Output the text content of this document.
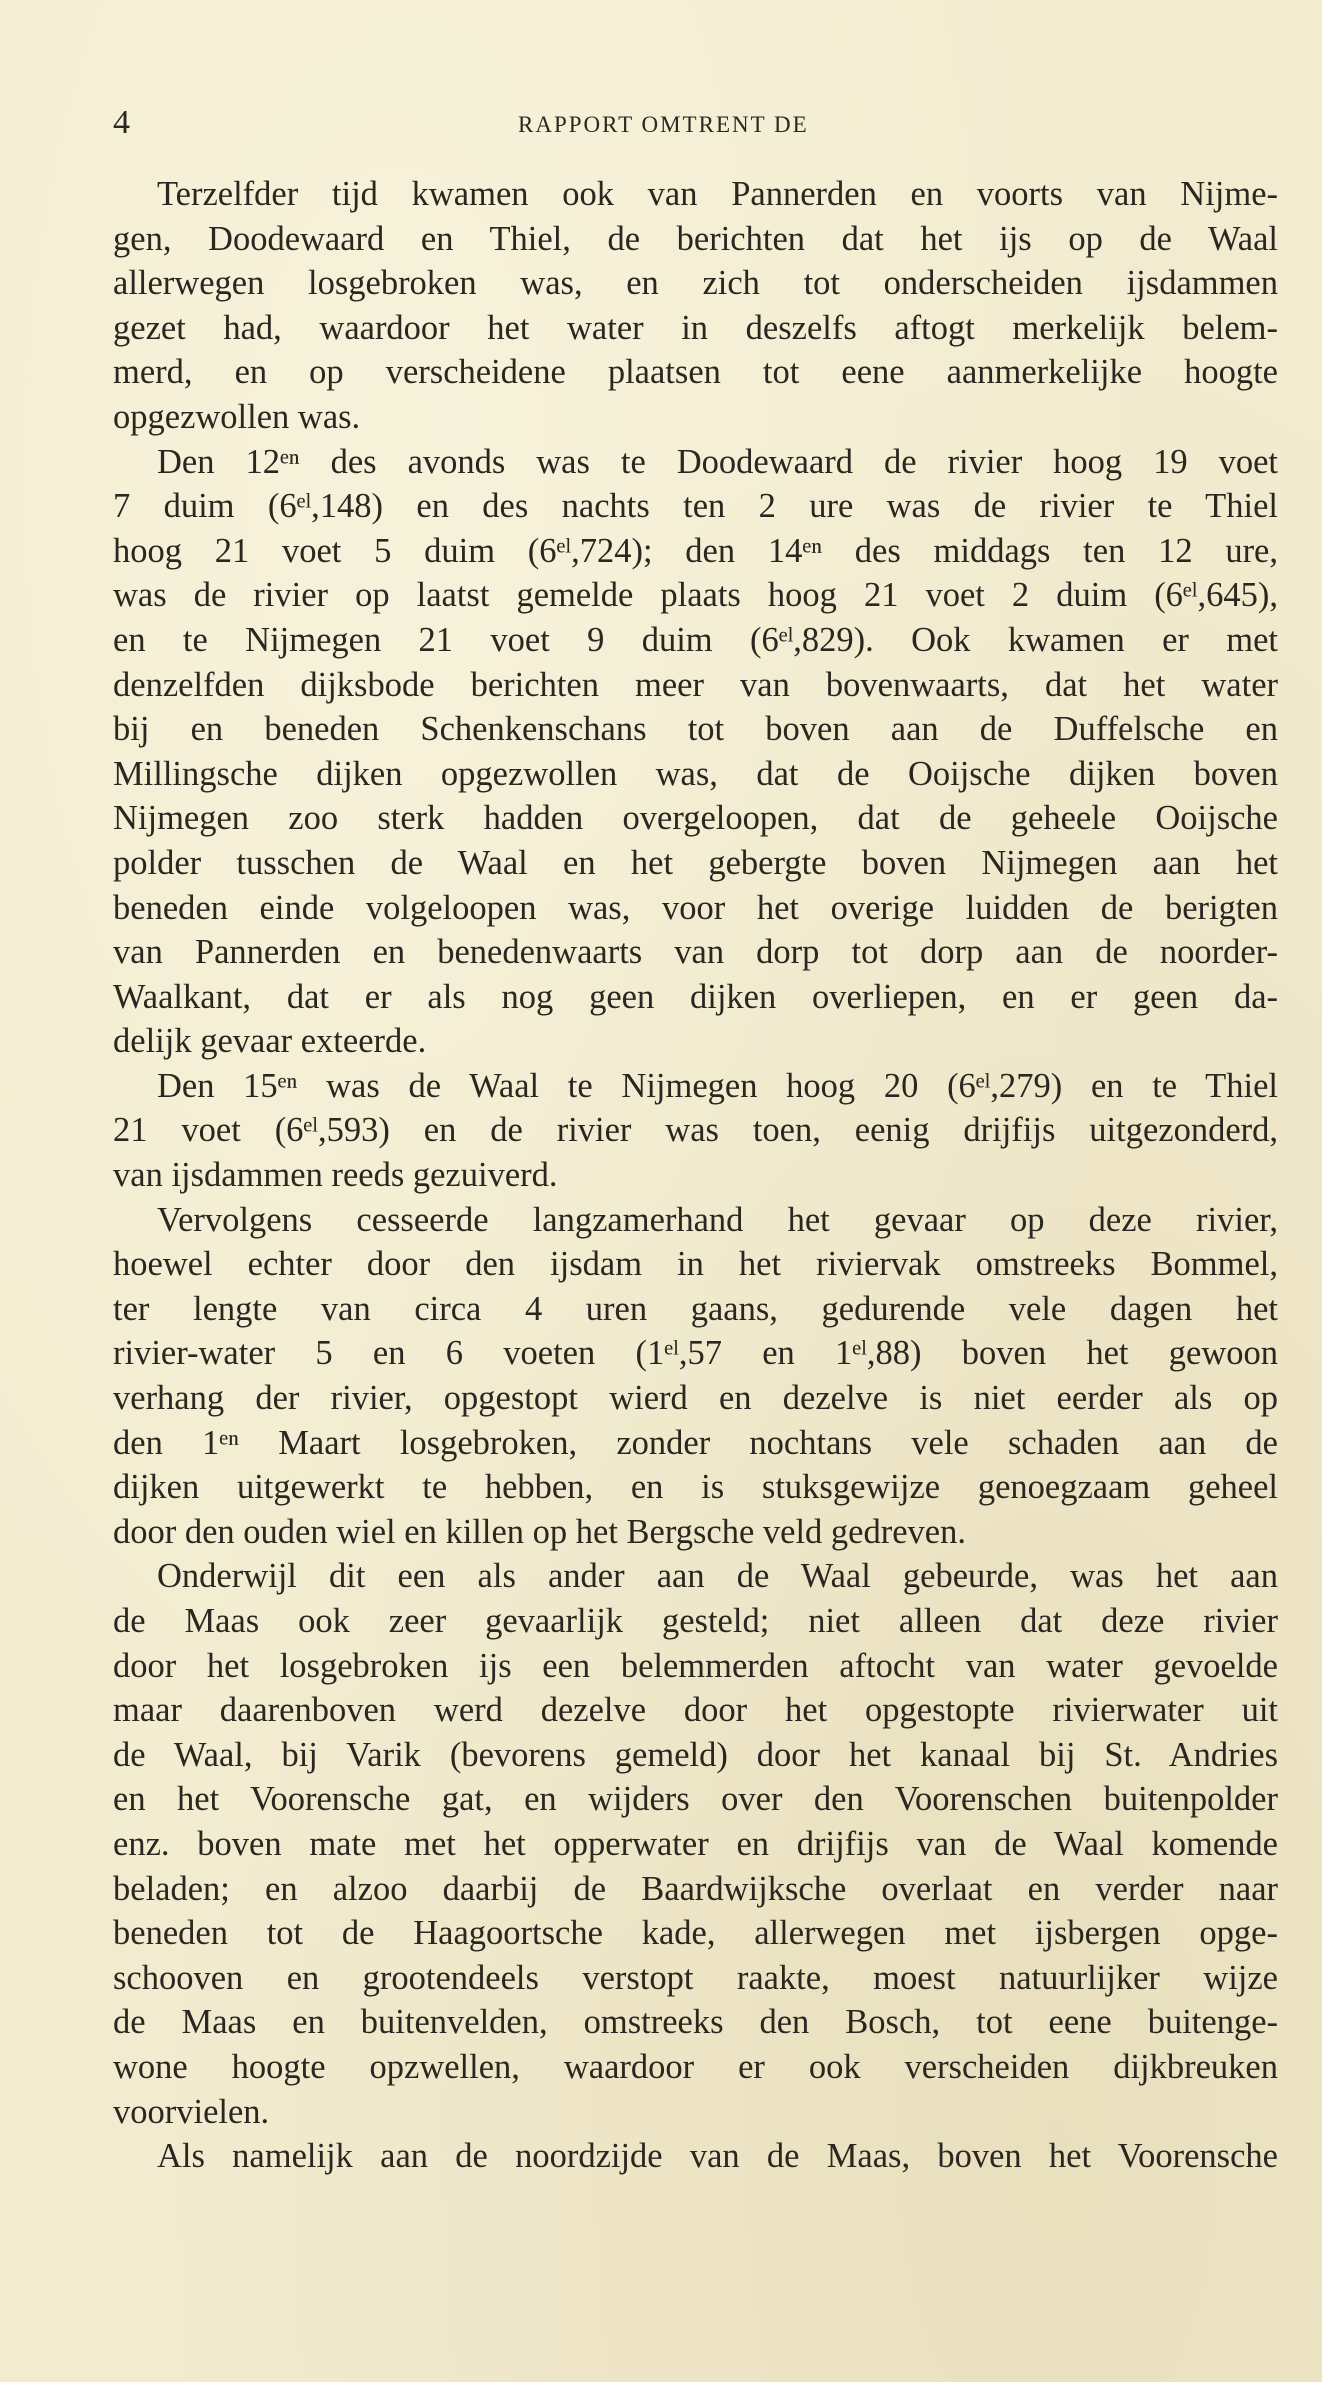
4	RAPPORT OMTRENT DE
Terzelfder tijd kwamen ook van Pannerden en voorts van Nijme-
gen, Doodewaard en Thiel, de berichten dat het ijs op de Waal
allerwegen losgebroken was, en zich tot onderscheiden ijsdammen
gezet had, waardoor het water in deszelfs aftogt merkelijk belem-
merd, en op verscheidene plaatsen tot eene aanmerkelijke hoogte
opgezwollen was.
Den 12ᵉⁿ des avonds was te Doodewaard de rivier hoog 19 voet
7 duim (6ᵉˡ,148) en des nachts ten 2 ure was de rivier te Thiel
hoog 21 voet 5 duim (6ᵉˡ,724); den 14ᵉⁿ des middags ten 12 ure,
was de rivier op laatst gemelde plaats hoog 21 voet 2 duim (6ᵉˡ,645),
en te Nijmegen 21 voet 9 duim (6ᵉˡ,829). Ook kwamen er met
denzelfden dijksbode berichten meer van bovenwaarts, dat het water
bij en beneden Schenkenschans tot boven aan de Duffelsche en
Millingsche dijken opgezwollen was, dat de Ooijsche dijken boven
Nijmegen zoo sterk hadden overgeloopen, dat de geheele Ooijsche
polder tusschen de Waal en het gebergte boven Nijmegen aan het
beneden einde volgeloopen was, voor het overige luidden de berigten
van Pannerden en benedenwaarts van dorp tot dorp aan de noorder-
Waalkant, dat er als nog geen dijken overliepen, en er geen da-
delijk gevaar exteerde.
Den 15ᵉⁿ was de Waal te Nijmegen hoog 20 (6ᵉˡ,279) en te Thiel
21 voet (6ᵉˡ,593) en de rivier was toen, eenig drijfijs uitgezonderd,
van ijsdammen reeds gezuiverd.
Vervolgens cesseerde langzamerhand het gevaar op deze rivier,
hoewel echter door den ijsdam in het riviervak omstreeks Bommel,
ter lengte van circa 4 uren gaans, gedurende vele dagen het
rivier-water 5 en 6 voeten (1ᵉˡ,57 en 1ᵉˡ,88) boven het gewoon
verhang der rivier, opgestopt wierd en dezelve is niet eerder als op
den 1ᵉⁿ Maart losgebroken, zonder nochtans vele schaden aan de
dijken uitgewerkt te hebben, en is stuksgewijze genoegzaam geheel
door den ouden wiel en killen op het Bergsche veld gedreven.
Onderwijl dit een als ander aan de Waal gebeurde, was het aan
de Maas ook zeer gevaarlijk gesteld; niet alleen dat deze rivier
door het losgebroken ijs een belemmerden aftocht van water gevoelde
maar daarenboven werd dezelve door het opgestopte rivierwater uit
de Waal, bij Varik (bevorens gemeld) door het kanaal bij St. Andries
en het Voorensche gat, en wijders over den Voorenschen buitenpolder
enz. boven mate met het opperwater en drijfijs van de Waal komende
beladen; en alzoo daarbij de Baardwijksche overlaat en verder naar
beneden tot de Haagoortsche kade, allerwegen met ijsbergen opge-
schooven en grootendeels verstopt raakte, moest natuurlijker wijze
de Maas en buitenvelden, omstreeks den Bosch, tot eene buitenge-
wone hoogte opzwellen, waardoor er ook verscheiden dijkbreuken
voorvielen.
Als namelijk aan de noordzijde van de Maas, boven het Voorensche
